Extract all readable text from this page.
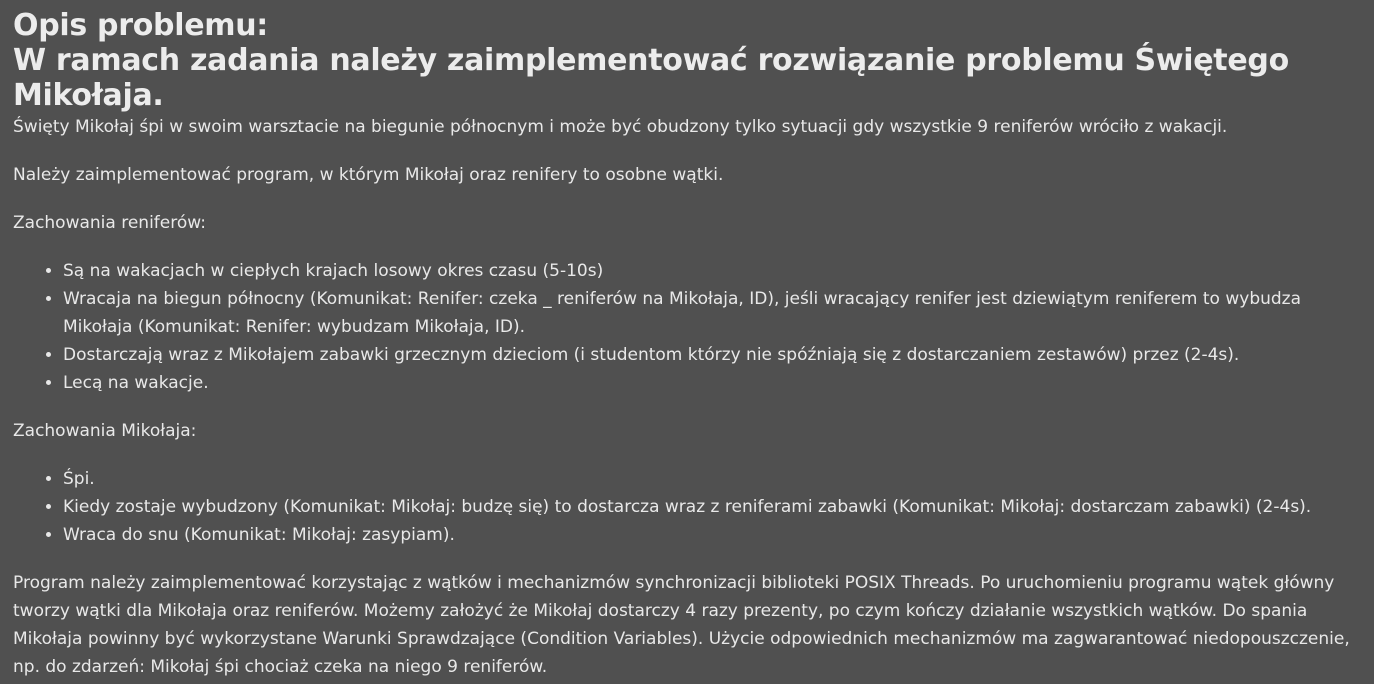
Opis problemu:
W ramach zadania należy zaimplementować rozwiązanie problemu Świętego Mikołaja.

Święty Mikołaj śpi w swoim warsztacie na biegunie północnym i może być obudzony tylko sytuacji gdy wszystkie 9 reniferów wróciło z wakacji.

Należy zaimplementować program, w którym Mikołaj oraz renifery to osobne wątki.

Zachowania reniferów:

• Są na wakacjach w ciepłych krajach losowy okres czasu (5-10s)
• Wracaja na biegun północny (Komunikat: Renifer: czeka _ reniferów na Mikołaja, ID), jeśli wracający renifer jest dziewiątym reniferem to wybudza Mikołaja (Komunikat: Renifer: wybudzam Mikołaja, ID).
• Dostarczają wraz z Mikołajem zabawki grzecznym dzieciom (i studentom którzy nie spóźniają się z dostarczaniem zestawów) przez (2-4s).
• Lecą na wakacje.

Zachowania Mikołaja:

• Śpi.
• Kiedy zostaje wybudzony (Komunikat: Mikołaj: budzę się) to dostarcza wraz z reniferami zabawki (Komunikat: Mikołaj: dostarczam zabawki) (2-4s).
• Wraca do snu (Komunikat: Mikołaj: zasypiam).

Program należy zaimplementować korzystając z wątków i mechanizmów synchronizacji biblioteki POSIX Threads. Po uruchomieniu programu wątek główny tworzy wątki dla Mikołaja oraz reniferów. Możemy założyć że Mikołaj dostarczy 4 razy prezenty, po czym kończy działanie wszystkich wątków. Do spania Mikołaja powinny być wykorzystane Warunki Sprawdzające (Condition Variables). Użycie odpowiednich mechanizmów ma zagwarantować niedopouszczenie, np. do zdarzeń: Mikołaj śpi chociaż czeka na niego 9 reniferów.
